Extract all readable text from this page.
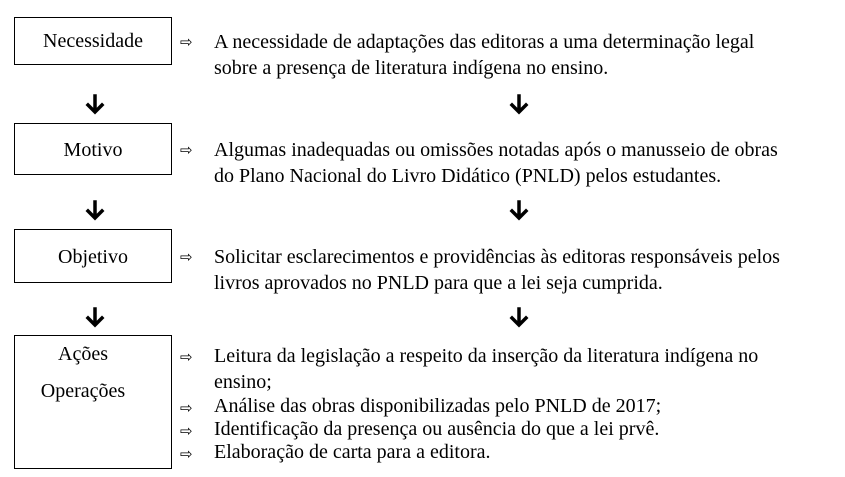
Necessidade	⇨ A necessidade de adaptações das editoras a uma determinação legal
sobre a presença de literatura indígena no ensino.
Motivo	⇨ Algumas inadequadas ou omissões notadas após o manusseio de obras
do Plano Nacional do Livro Didático (PNLD) pelos estudantes.
Objetivo	⇨ Solicitar esclarecimentos e providências às editoras responsáveis pelos
livros aprovados no PNLD para que a lei seja cumprida.
Ações
Operações
⇨ Leitura da legislação a respeito da inserção da literatura indígena no
ensino;
⇨ Análise das obras disponibilizadas pelo PNLD de 2017;
⇨ Identificação da presença ou ausência do que a lei prvê.
⇨ Elaboração de carta para a editora.
